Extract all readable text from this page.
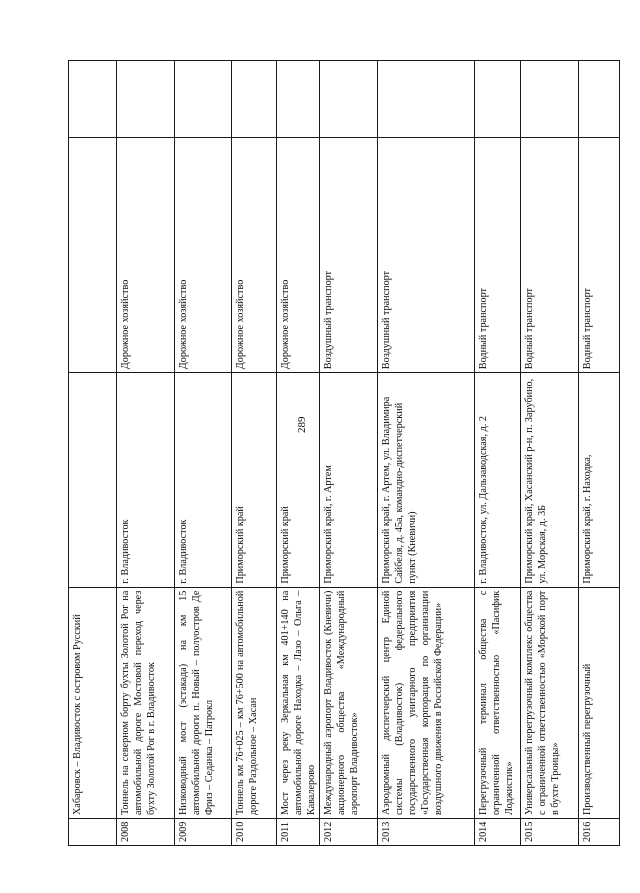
289
Хабаровск – Владивосток с островом Русский
2008
Тоннель на северном борту бухты Золотой Рог на автомобильной дороге Мостовой переход через бухту Золотой Рог в г. Владивосток
г. Владивосток
Дорожное хозяйство
2009
Низководный мост (эстакада) на км 15 автомобильной дороги п. Новый – полуостров Де Фриз – Седанка – Патрокл
г. Владивосток
Дорожное хозяйство
2010
Тоннель км 76+025 – км 76+500 на автомобильной дороге Раздольное – Хасан
Приморский край
Дорожное хозяйство
2011
Мост через реку Зеркальная км 401+140 на автомобильной дороге Находка – Лазо – Ольга – Кавалерово
Приморский край
Дорожное хозяйство
2012
Международный аэропорт Владивосток (Кневичи) акционерного общества «Международный аэропорт Владивосток»
Приморский край, г. Артем
Воздушный транспорт
2013
Аэродромный диспетчерский центр Единой системы (Владивосток) федерального государственного унитарного предприятия «Государственная корпорация по организации воздушного движения в Российской Федерации»
Приморский край, г. Артем, ул. Владимира Сайбеля, д. 45а, командно-диспетчерский пункт (Кневичи)
Воздушный транспорт
2014
Перегрузочный терминал общества с ограниченной ответственностью «Пасифик Лоджистик»
г. Владивосток, ул. Дальзаводская, д. 2
Водный транспорт
2015
Универсальный перегрузочный комплекс общества с ограниченной ответственностью «Морской порт в бухте Троицы»
Приморский край, Хасанский р-н, п. Зарубино, ул. Морская, д. 3Б
Водный транспорт
2016
Производственный перегрузочный
Приморский край, г. Находка,
Водный транспорт
